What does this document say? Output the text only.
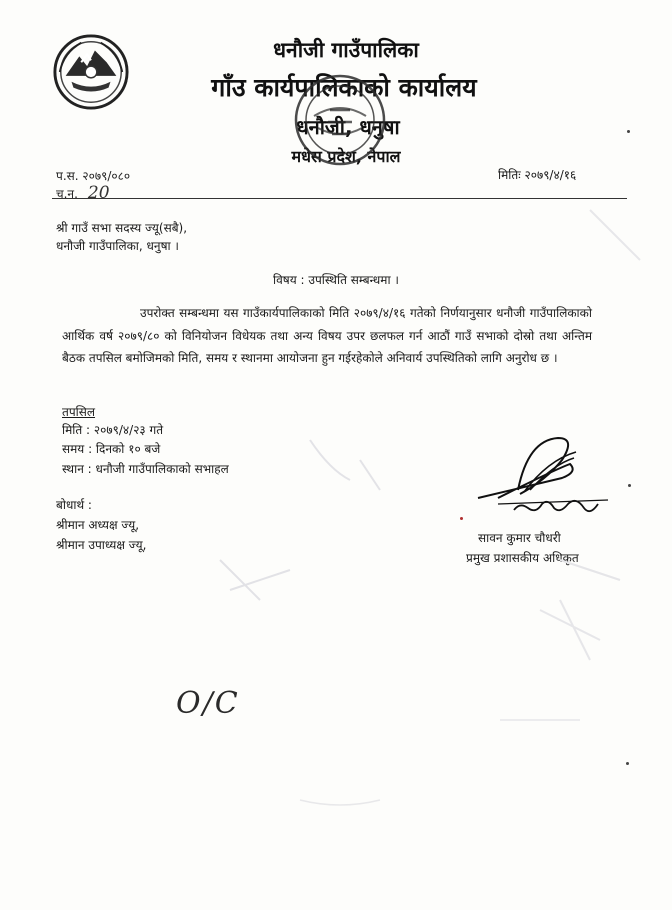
धनौजी गाउँपालिका
गाँउ कार्यपालिकाको कार्यालय
धनौजी, धनुषा
मधेस प्रदेश, नेपाल
प.स. २०७९/०८०
च.न. 20
मितिः २०७९/४/१६
श्री गाउँ सभा सदस्य ज्यू(सबै),
धनौजी गाउँपालिका, धनुषा ।
विषय : उपस्थिति सम्बन्धमा ।
उपरोक्त सम्बन्धमा यस गाउँकार्यपालिकाको मिति २०७९/४/१६ गतेको निर्णयानुसार धनौजी गाउँपालिकाको आर्थिक वर्ष २०७९/८० को विनियोजन विधेयक तथा अन्य विषय उपर छलफल गर्न आठौं गाउँ सभाको दोस्रो तथा अन्तिम बैठक तपसिल बमोजिमको मिति, समय र स्थानमा आयोजना हुन गईरहेकोले अनिवार्य उपस्थितिको लागि अनुरोध छ ।
तपसिल
मिति : २०७९/४/२३ गते
समय : दिनको १० बजे
स्थान : धनौजी गाउँपालिकाको सभाहल
बोधार्थ :
श्रीमान अध्यक्ष ज्यू,
श्रीमान उपाध्यक्ष ज्यू,	सावन कुमार चौधरी
प्रमुख प्रशासकीय अधिकृत
O/C
